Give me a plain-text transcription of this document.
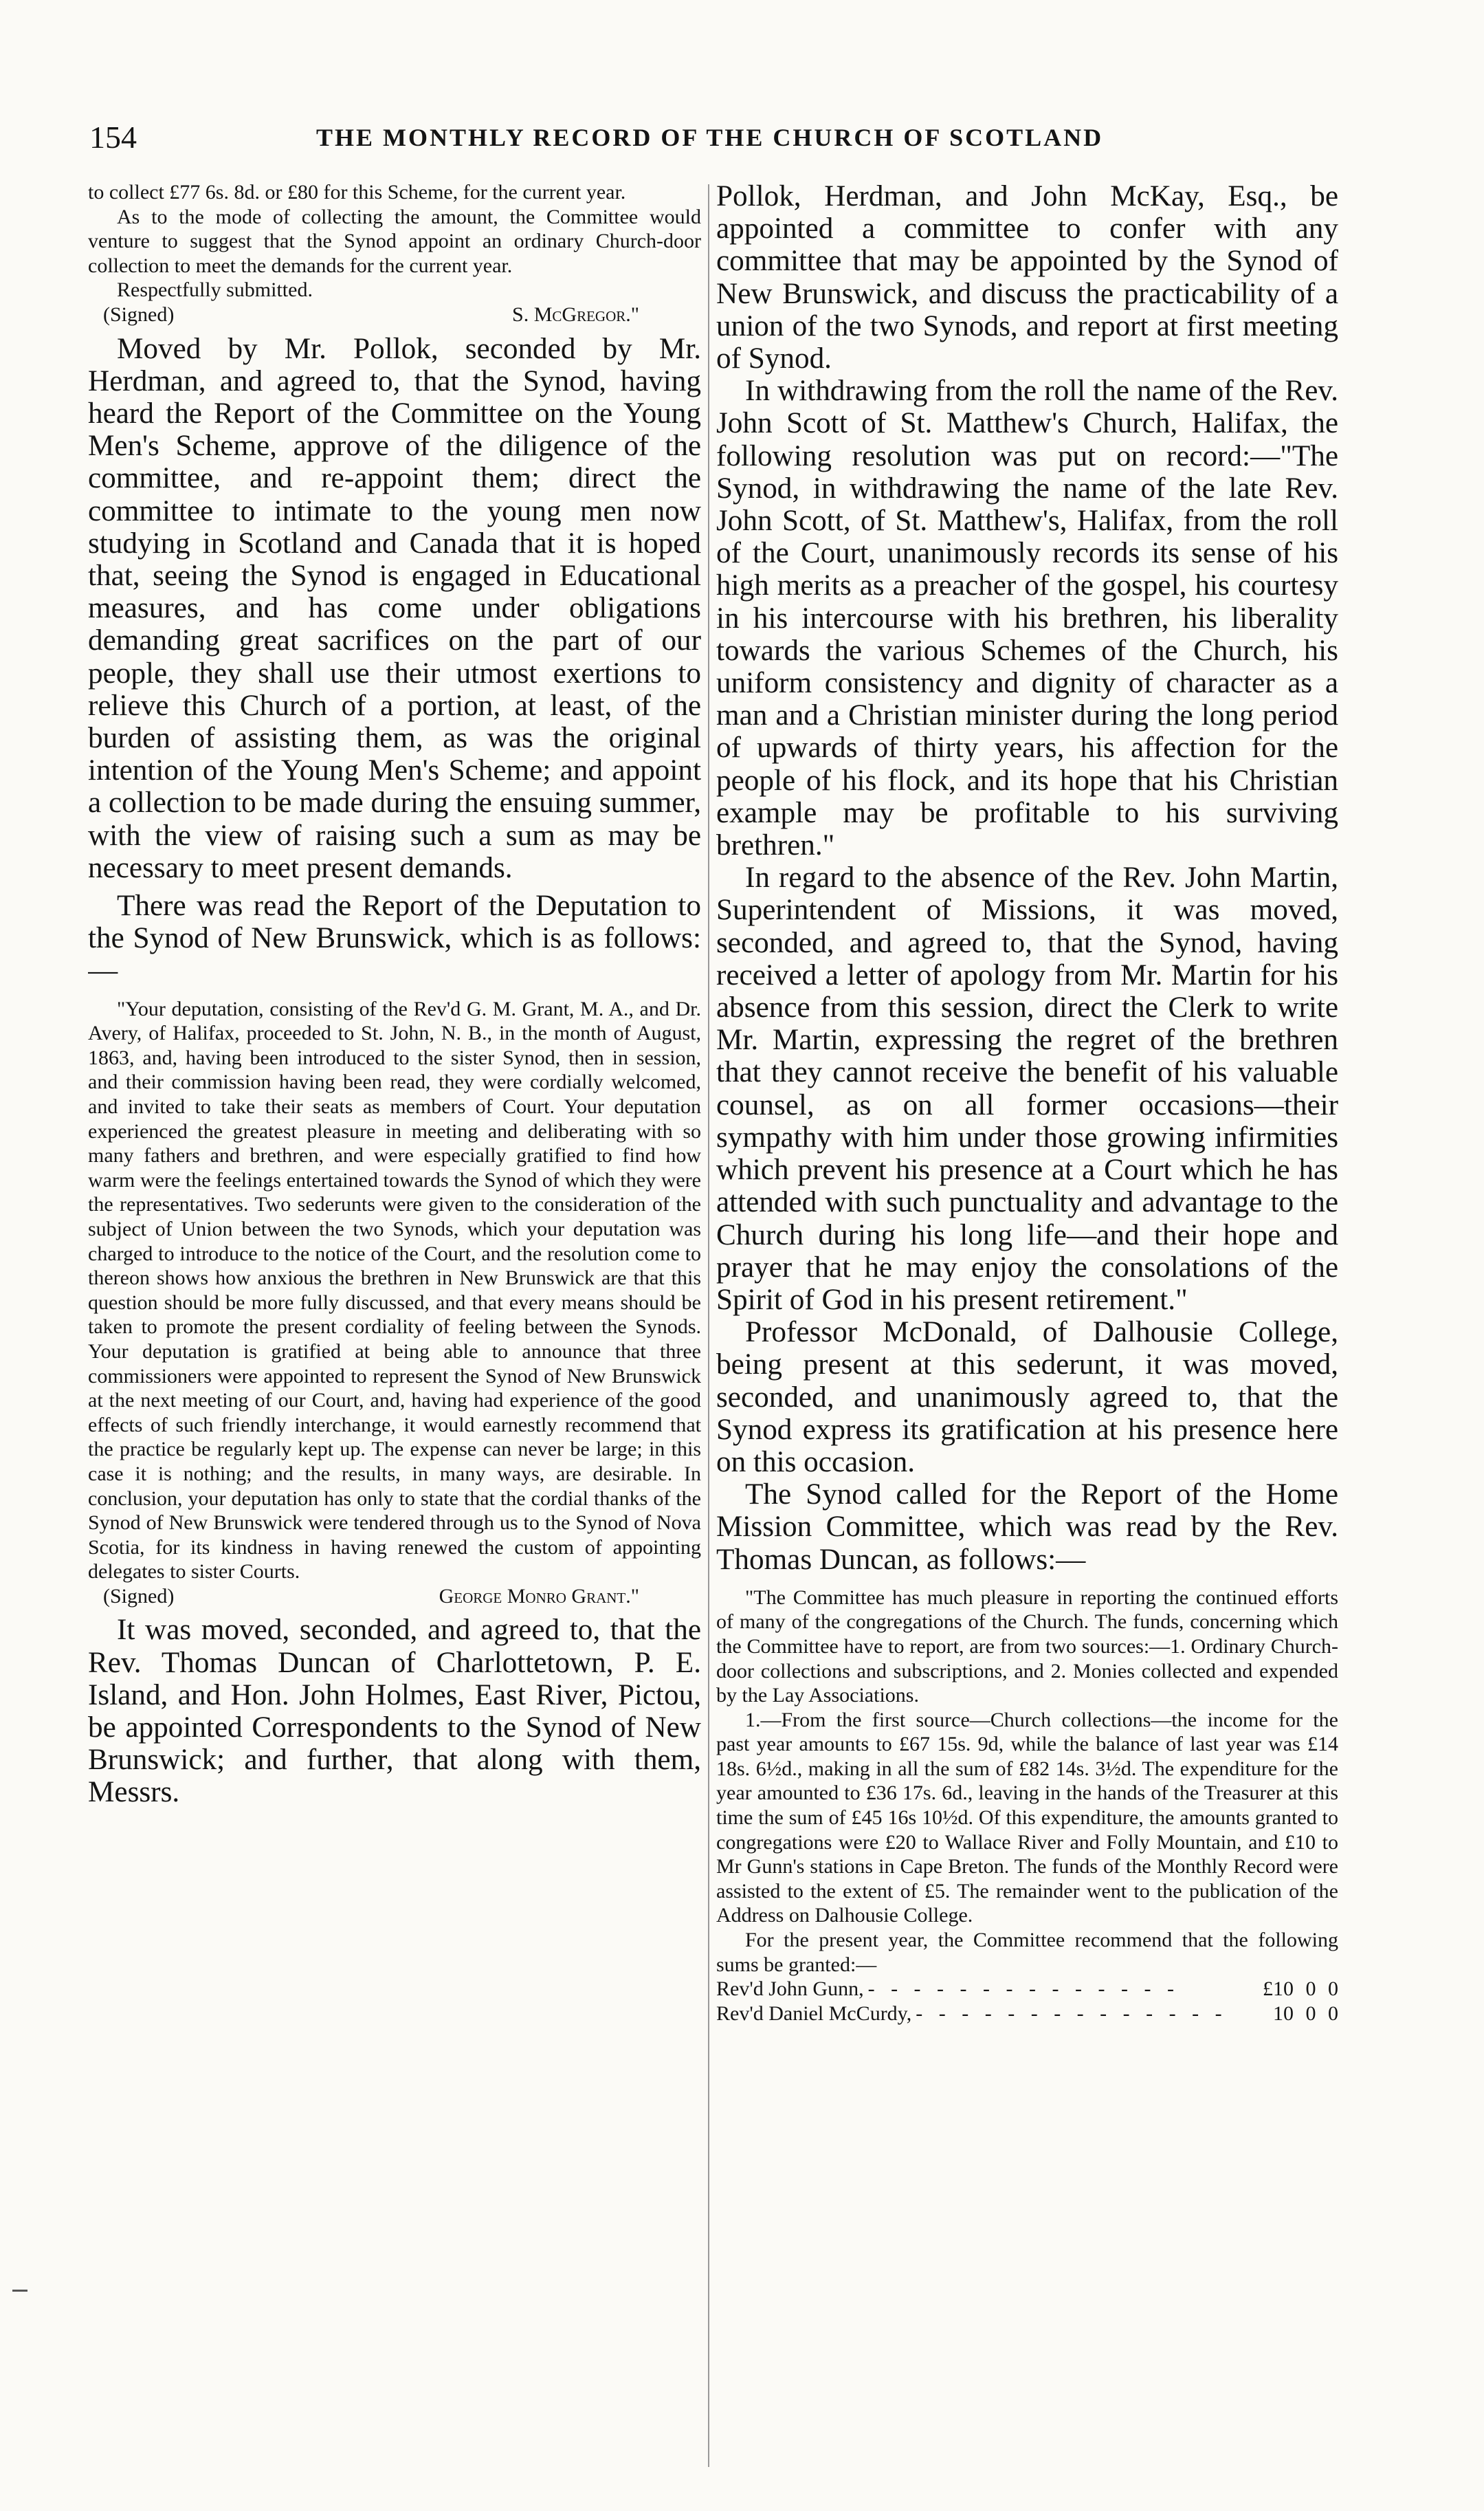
154	THE MONTHLY RECORD OF THE CHURCH OF SCOTLAND

to collect £77 6s. 8d. or £80 for this Scheme, for the current year.

As to the mode of collecting the amount, the Committee would venture to suggest that the Synod appoint an ordinary Church-door collection to meet the demands for the current year.

Respectfully submitted.

(Signed)	S. McGregor."

Moved by Mr. Pollok, seconded by Mr. Herdman, and agreed to, that the Synod, having heard the Report of the Committee on the Young Men's Scheme, approve of the diligence of the committee, and re-appoint them; direct the committee to intimate to the young men now studying in Scotland and Canada that it is hoped that, seeing the Synod is engaged in Educational measures, and has come under obligations demanding great sacrifices on the part of our people, they shall use their utmost exertions to relieve this Church of a portion, at least, of the burden of assisting them, as was the original intention of the Young Men's Scheme; and appoint a collection to be made during the ensuing summer, with the view of raising such a sum as may be necessary to meet present demands.

There was read the Report of the Deputation to the Synod of New Brunswick, which is as follows:—

"Your deputation, consisting of the Rev'd G. M. Grant, M. A., and Dr. Avery, of Halifax, proceeded to St. John, N. B., in the month of August, 1863, and, having been introduced to the sister Synod, then in session, and their commission having been read, they were cordially welcomed, and invited to take their seats as members of Court. Your deputation experienced the greatest pleasure in meeting and deliberating with so many fathers and brethren, and were especially gratified to find how warm were the feelings entertained towards the Synod of which they were the representatives. Two sederunts were given to the consideration of the subject of Union between the two Synods, which your deputation was charged to introduce to the notice of the Court, and the resolution come to thereon shows how anxious the brethren in New Brunswick are that this question should be more fully discussed, and that every means should be taken to promote the present cordiality of feeling between the Synods. Your deputation is gratified at being able to announce that three commissioners were appointed to represent the Synod of New Brunswick at the next meeting of our Court, and, having had experience of the good effects of such friendly interchange, it would earnestly recommend that the practice be regularly kept up. The expense can never be large; in this case it is nothing; and the results, in many ways, are desirable. In conclusion, your deputation has only to state that the cordial thanks of the Synod of New Brunswick were tendered through us to the Synod of Nova Scotia, for its kindness in having renewed the custom of appointing delegates to sister Courts.

(Signed)	George Monro Grant."

It was moved, seconded, and agreed to, that the Rev. Thomas Duncan of Charlottetown, P. E. Island, and Hon. John Holmes, East River, Pictou, be appointed Correspondents to the Synod of New Brunswick; and further, that along with them, Messrs.

Pollok, Herdman, and John McKay, Esq., be appointed a committee to confer with any committee that may be appointed by the Synod of New Brunswick, and discuss the practicability of a union of the two Synods, and report at first meeting of Synod.

In withdrawing from the roll the name of the Rev. John Scott of St. Matthew's Church, Halifax, the following resolution was put on record:—"The Synod, in withdrawing the name of the late Rev. John Scott, of St. Matthew's, Halifax, from the roll of the Court, unanimously records its sense of his high merits as a preacher of the gospel, his courtesy in his intercourse with his brethren, his liberality towards the various Schemes of the Church, his uniform consistency and dignity of character as a man and a Christian minister during the long period of upwards of thirty years, his affection for the people of his flock, and its hope that his Christian example may be profitable to his surviving brethren."

In regard to the absence of the Rev. John Martin, Superintendent of Missions, it was moved, seconded, and agreed to, that the Synod, having received a letter of apology from Mr. Martin for his absence from this session, direct the Clerk to write Mr. Martin, expressing the regret of the brethren that they cannot receive the benefit of his valuable counsel, as on all former occasions—their sympathy with him under those growing infirmities which prevent his presence at a Court which he has attended with such punctuality and advantage to the Church during his long life—and their hope and prayer that he may enjoy the consolations of the Spirit of God in his present retirement."

Professor McDonald, of Dalhousie College, being present at this sederunt, it was moved, seconded, and unanimously agreed to, that the Synod express its gratification at his presence here on this occasion.

The Synod called for the Report of the Home Mission Committee, which was read by the Rev. Thomas Duncan, as follows:—

"The Committee has much pleasure in reporting the continued efforts of many of the congregations of the Church. The funds, concerning which the Committee have to report, are from two sources:—1. Ordinary Church-door collections and subscriptions, and 2. Monies collected and expended by the Lay Associations.

1.—From the first source—Church collections—the income for the past year amounts to £67 15s. 9d, while the balance of last year was £14 18s. 6½d., making in all the sum of £82 14s. 3½d. The expenditure for the year amounted to £36 17s. 6d., leaving in the hands of the Treasurer at this time the sum of £45 16s 10½d. Of this expenditure, the amounts granted to congregations were £20 to Wallace River and Folly Mountain, and £10 to Mr Gunn's stations in Cape Breton. The funds of the Monthly Record were assisted to the extent of £5. The remainder went to the publication of the Address on Dalhousie College.

For the present year, the Committee recommend that the following sums be granted:—

Rev'd John Gunn, - - - - - - - - - - - - - -	£10 0 0
Rev'd Daniel McCurdy, - - - - - - - - - - - - - -	10 0 0
